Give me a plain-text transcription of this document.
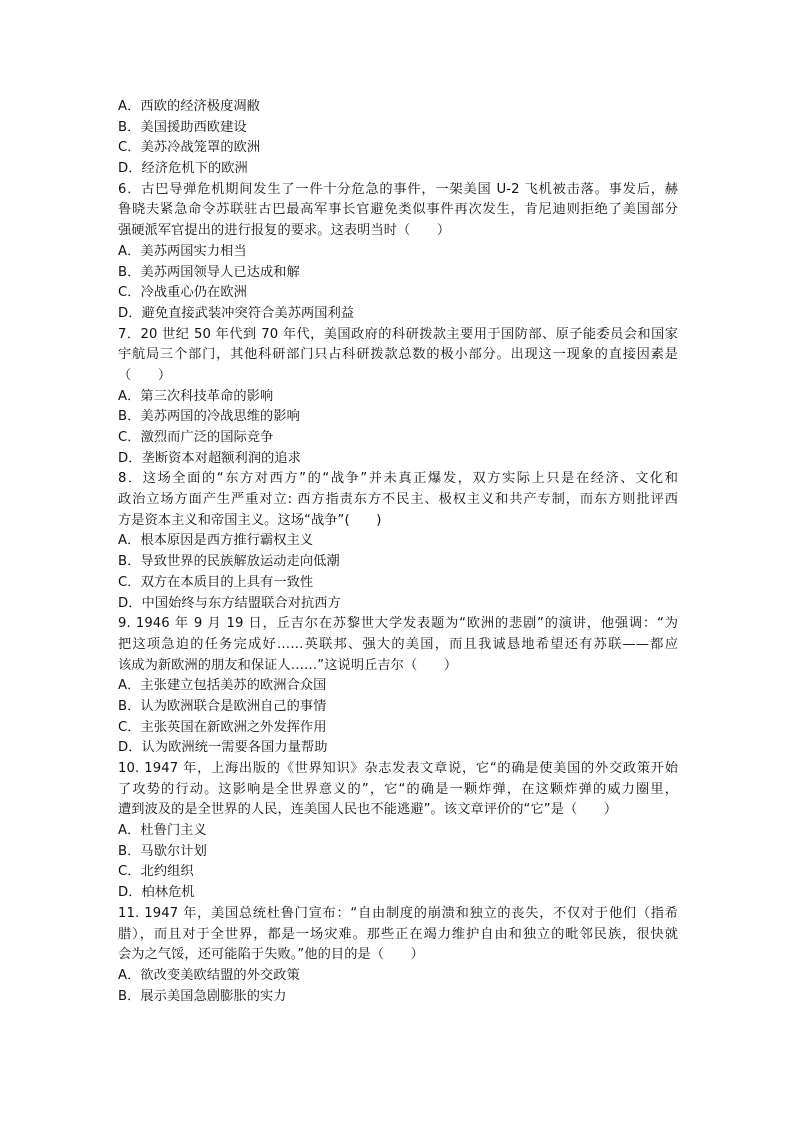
A．西欧的经济极度凋敝
B．美国援助西欧建设
C．美苏冷战笼罩的欧洲
D．经济危机下的欧洲
6．古巴导弹危机期间发生了一件十分危急的事件，一架美国 U-2 飞机被击落。事发后，赫
鲁晓夫紧急命令苏联驻古巴最高军事长官避免类似事件再次发生，肯尼迪则拒绝了美国部分
强硬派军官提出的进行报复的要求。这表明当时（　　）
A．美苏两国实力相当
B．美苏两国领导人已达成和解
C．冷战重心仍在欧洲
D．避免直接武装冲突符合美苏两国利益
7．20 世纪 50 年代到 70 年代，美国政府的科研拨款主要用于国防部、原子能委员会和国家
宇航局三个部门，其他科研部门只占科研拨款总数的极小部分。出现这一现象的直接因素是
（　　）
A．第三次科技革命的影响
B．美苏两国的冷战思维的影响
C．激烈而广泛的国际竞争
D．垄断资本对超额利润的追求
8．这场全面的“东方对西方”的“战争”并未真正爆发，双方实际上只是在经济、文化和
政治立场方面产生严重对立: 西方指责东方不民主、极权主义和共产专制，而东方则批评西
方是资本主义和帝国主义。这场“战争”(　　)
A．根本原因是西方推行霸权主义
B．导致世界的民族解放运动走向低潮
C．双方在本质目的上具有一致性
D．中国始终与东方结盟联合对抗西方
9. 1946 年 9 月 19 日，丘吉尔在苏黎世大学发表题为“欧洲的悲剧”的演讲，他强调：“为
把这项急迫的任务完成好……英联邦、强大的美国，而且我诚恳地希望还有苏联——都应
该成为新欧洲的朋友和保证人……”这说明丘吉尔（　　）
A．主张建立包括美苏的欧洲合众国
B．认为欧洲联合是欧洲自己的事情
C．主张英国在新欧洲之外发挥作用
D．认为欧洲统一需要各国力量帮助
10. 1947 年，上海出版的《世界知识》杂志发表文章说，它“的确是使美国的外交政策开始
了攻势的行动。这影响是全世界意义的”，它“的确是一颗炸弹，在这颗炸弹的威力圈里，
遭到波及的是全世界的人民，连美国人民也不能逃避”。该文章评价的“它”是（　　）
A．杜鲁门主义
B．马歇尔计划
C．北约组织
D．柏林危机
11. 1947 年，美国总统杜鲁门宣布：“自由制度的崩溃和独立的丧失，不仅对于他们（指希
腊），而且对于全世界，都是一场灾难。那些正在竭力维护自由和独立的毗邻民族，很快就
会为之气馁，还可能陷于失败。”他的目的是（　　）
A．欲改变美欧结盟的外交政策
B．展示美国急剧膨胀的实力
